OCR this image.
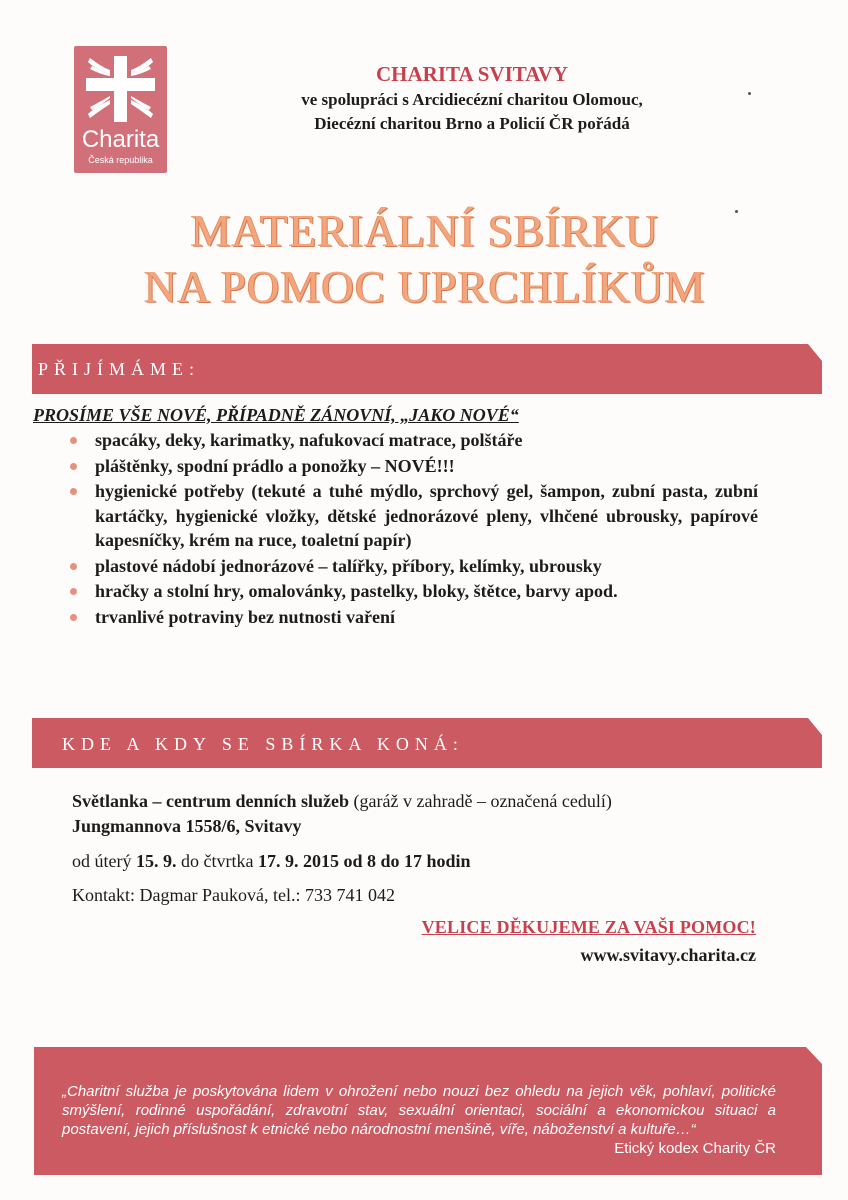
Charita
Česká republika
CHARITA SVITAVY
ve spolupráci s Arcidiecézní charitou Olomouc,
Diecézní charitou Brno a Policií ČR pořádá
MATERIÁLNÍ SBÍRKU
NA POMOC UPRCHLÍKŮM
PŘIJÍMÁME:
PROSÍME VŠE NOVÉ, PŘÍPADNĚ ZÁNOVNÍ, „JAKO NOVÉ“
spacáky, deky, karimatky, nafukovací matrace, polštáře
pláštěnky, spodní prádlo a ponožky – NOVÉ!!!
hygienické potřeby (tekuté a tuhé mýdlo, sprchový gel, šampon, zubní pasta, zubní kartáčky, hygienické vložky, dětské jednorázové pleny, vlhčené ubrousky, papírové kapesníčky, krém na ruce, toaletní papír)
plastové nádobí jednorázové – talířky, příbory, kelímky, ubrousky
hračky a stolní hry, omalovánky, pastelky, bloky, štětce, barvy apod.
trvanlivé potraviny bez nutnosti vaření
KDE A KDY SE SBÍRKA KONÁ:
Světlanka – centrum denních služeb (garáž v zahradě – označená cedulí)
Jungmannova 1558/6, Svitavy
od úterý 15. 9. do čtvrtka 17. 9. 2015 od 8 do 17 hodin
Kontakt: Dagmar Pauková, tel.: 733 741 042
VELICE DĚKUJEME ZA VAŠI POMOC!
www.svitavy.charita.cz
„Charitní služba je poskytována lidem v ohrožení nebo nouzi bez ohledu na jejich věk, pohlaví, politické smýšlení, rodinné uspořádání, zdravotní stav, sexuální orientaci, sociální a ekonomickou situaci a postavení, jejich příslušnost k etnické nebo národnostní menšině, víře, náboženství a kultuře…“
Etický kodex Charity ČR
